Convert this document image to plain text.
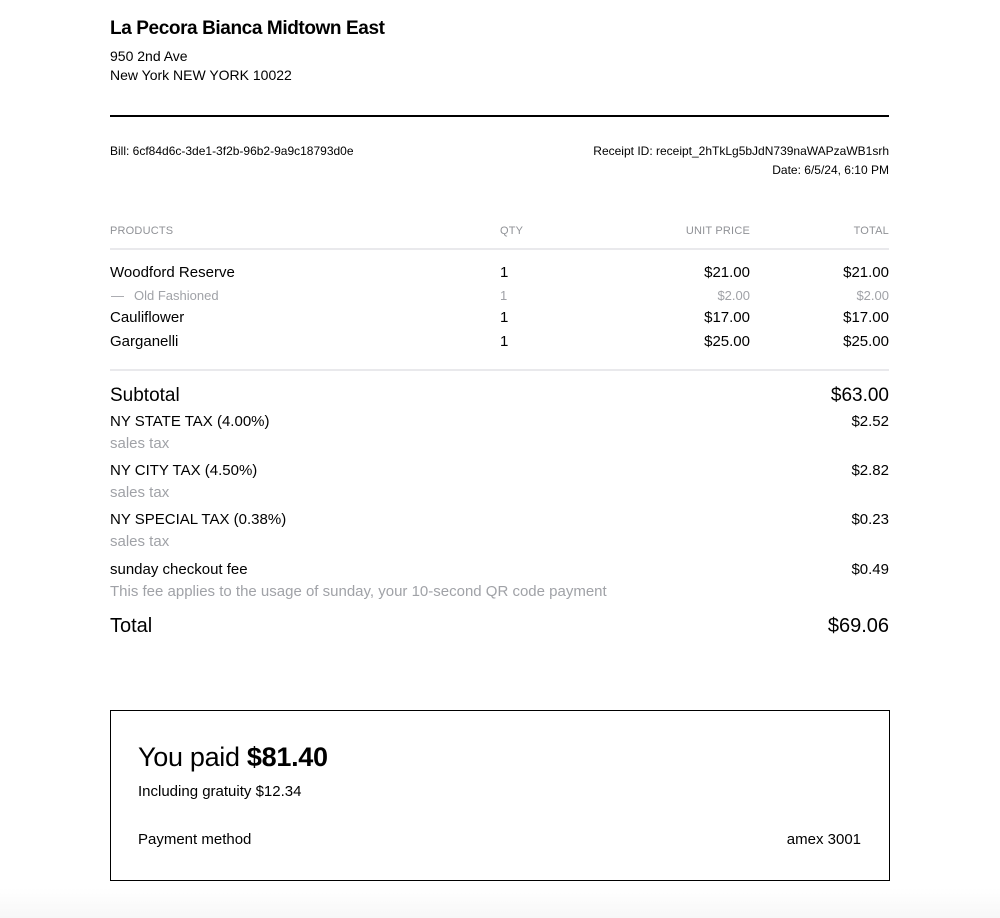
La Pecora Bianca Midtown East
950 2nd Ave
New York NEW YORK 10022
Bill: 6cf84d6c-3de1-3f2b-96b2-9a9c18793d0e	Receipt ID: receipt_2hTkLg5bJdN739naWAPzaWB1srh
Date: 6/5/24, 6:10 PM
PRODUCTS	QTY	UNIT PRICE	TOTAL
Woodford Reserve	1	$21.00	$21.00
— Old Fashioned	1	$2.00	$2.00
Cauliflower	1	$17.00	$17.00
Garganelli	1	$25.00	$25.00
Subtotal	$63.00
NY STATE TAX (4.00%)	$2.52
sales tax
NY CITY TAX (4.50%)	$2.82
sales tax
NY SPECIAL TAX (0.38%)	$0.23
sales tax
sunday checkout fee	$0.49
This fee applies to the usage of sunday, your 10-second QR code payment
Total	$69.06
You paid $81.40
Including gratuity $12.34
Payment method	amex 3001
